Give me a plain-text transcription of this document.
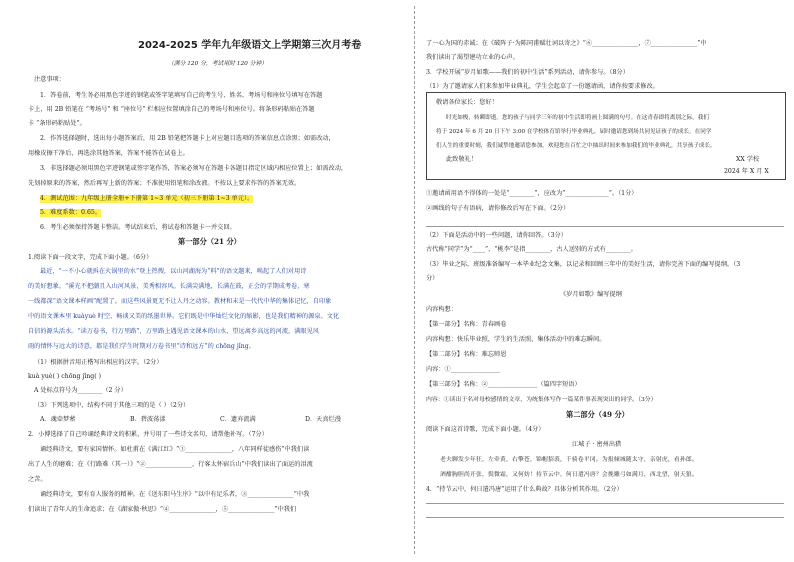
2024-2025 学年九年级语文上学期第三次月考卷
（满分 120 分，考试用时 120 分钟）
注意事项：
1．答卷前，考生务必用黑色字迹的钢笔或签字笔填写自己的考生号、姓名、考场号和座位号填写在答题
卡上，用 2B 铅笔在 “考场号” 和 “座位号” 栏相应位置填涂自己的考场号和座位号。将条形码粘贴在答题
卡 “条形码粘贴处”。
2．作答选择题时，选出每小题答案后，用 2B 铅笔把答题卡上对应题目选项的答案信息点涂黑；如需改动，
用橡皮擦干净后，再选涂其他答案，答案不能答在试卷上。
3．非选择题必须用黑色字迹钢笔或签字笔作答，答案必须写在答题卡各题目指定区域内相应位置上；如需改动，
先划掉原来的答案，然后再写上新的答案；不准使用铅笔和涂改液。不按以上要求作答的答案无效。
4．测试范围：九年级上册全册+下册第 1~3 单元（初三下册第 1~3 单元）。
5．难度系数：0.65。
6．考生必须保持答题卡整洁。考试结束后，将试卷和答题卡一并交回。
第一部分（21 分）
1.阅读下面一段文字，完成下面小题。（6分）
最近，“一不小心就拆在火锅里的水”登上热搜，以山河湖海为“料”的语文题来，唤起了人们对用诗
的美好想象。“溪光不把潮且入山河风景，美秀相容风。长满尖满地，长满在鼓，正会的学期成考卷，寒
一线都深“语文课本样画”配置了。而这些风景更无不让人丹之动容。教材和未是一代代中华的集体记忆，自印象
中的语文课本里 kuàyuè 时空，畅谈又美的纸墨世界。它们既是中华灿烂文化的缩影，也是我们精神的源泉。文化
自信的源头活水。“读万卷书，行万里路”，万里路上遇见语文课本的山水，望远离乡高远的河流，满眼见风
雨的情怀与远大的诗意，都是我们学生时期对万卷书里“诗和远方”的 chōng jǐng。
（1）根据拼音用正楷写出相应的汉字。（2分）
kuà yuè( ) chōng jǐng( )
A 处标点符号为________（2 分）
（3）下列选项中，结构不同于其他三项的是（ ）（2分）
A．魂牵梦萦	B．碧波荡漾	C．遗弃流满	D．天真烂漫
2．小博选择了自己吟诵经典诗文的积累，并号用了一些诗文名句，请帮他补写。（7分）
诵经典诗文，要有家国情怀。如杜甫在《满江红》“①_______________，八年同样徒感伤”中我们读
出了人生的磨难；在《行路难（其一）》“②_______________，行客太怀宿兵山”中我们读出了面运的泪流
之苦。
诵经典诗文，要有育人服务的精神。在《送东阳马生序》“以中有足乐者，③_______________”中我
们读出了青年人的生命追求；在《湖家傲·秋思》“④_______________，⑤_______________”中我们
了一心为国的赤诚；在《破阵子·为陈同甫赋壮词以寄之》“⑥_______________，⑦_______________”中
我们读出了渴望建功立业的心声。
3．学校开展“岁月如歌——我们的初中生活”系列活动，请你参与。（8分）
（1）为了邀请家人们来参加毕业典礼，学生会起草了一份邀请函，请你按要求修改。
敬请各位家长：您好！
时光如梭，转瞬即逝。您的孩子与同学三年的初中生活即将画上圆满的句号。在这青春即将离别之际，我们
将于 2024 年 6 月 20 日下午 3:00 在学校体育馆举行毕业典礼，届时邀请您到场共同见证孩子的成长。在同学
们人生的重要时刻，我们诚挚地邀请您参加。欢迎您在百忙之中抽出时间来参加我们的毕业典礼，共享孩子成长。
此致敬礼！	XX 学校
2024 年 X 月 X
①邀请函用语不得体的一处是“________”，应改为“______________”。（1分）
②画线的句子有语病，请你修改后写在下面。（2分）
（2）下面是活动中的一些问题，请你回答。（3分）
古代称“同学”为“____”，“桃李”是指________，古人送别的方式有________。
（3）毕业之际，班级准备编写一本毕业纪念文集，以记录和回顾三年中的美好生活，请你完善下面的编写提纲。（3
分）
《岁月如歌》编写提纲
内容构想：
【第一部分】名称：青春画卷
内容构想：快乐毕业照，学生的生活照，集体活动中的难忘瞬间。
【第二部分】名称：难忘师恩
内容：①________________
【第三部分】名称：②________________（篇四字短语）
内容：①读出于名对母校感情的文章，为统集体写作一篇某件事表现突出的同学。（3分）
第二部分（49 分）
阅读下面这首诗歌，完成下面小题。（4分）
江城子 · 密州出猎
老夫聊发少年狂，左牵黄，右擎苍，锦帽貂裘，千骑卷平冈。为报倾城随太守，亲射虎，看孙郎。
酒酣胸胆尚开张，鬓微霜，又何妨！持节云中，何日遣冯唐？会挽雕弓如满月，西北望，射天狼。
4．“持节云中，何日遣冯唐”运用了什么典故？具体分析其作用。（2分）
